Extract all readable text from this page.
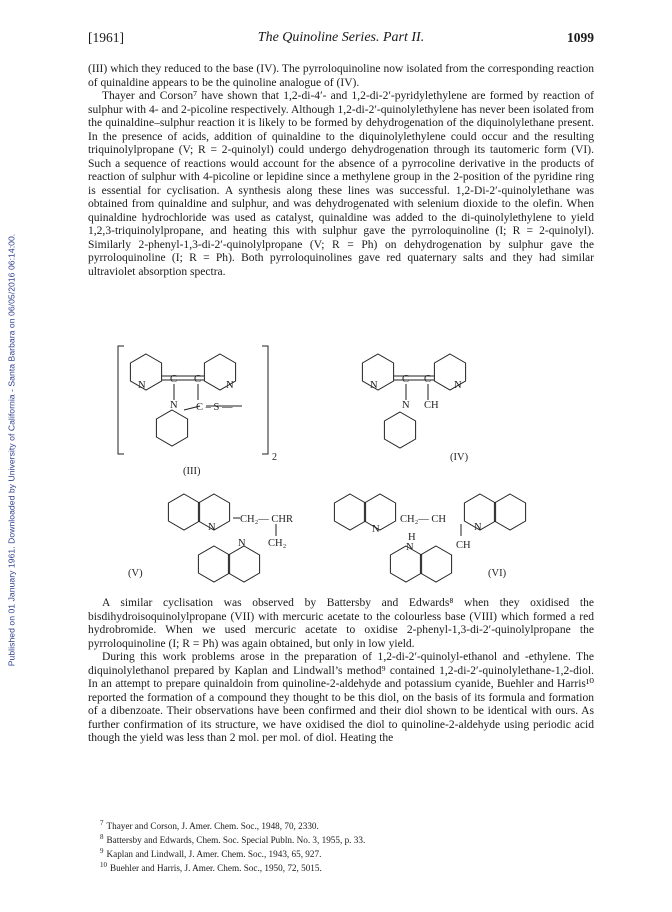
Published on 01 January 1961. Downloaded by University of California - Santa Barbara on 06/05/2016 06:14:00.
[1961]	The Quinoline Series. Part II.	1099

(III) which they reduced to the base (IV). The pyrroloquinoline now isolated from the corresponding reaction of quinaldine appears to be the quinoline analogue of (IV).

Thayer and Corson⁷ have shown that 1,2-di-4′- and 1,2-di-2′-pyridylethylene are formed by reaction of sulphur with 4- and 2-picoline respectively. Although 1,2-di-2′-quinolylethylene has never been isolated from the quinaldine–sulphur reaction it is likely to be formed by dehydrogenation of the diquinolylethane present. In the presence of acids, addition of quinaldine to the diquinolylethylene could occur and the resulting triquinolylpropane (V; R = 2-quinolyl) could undergo dehydrogenation through its tautomeric form (VI). Such a sequence of reactions would account for the absence of a pyrrocoline derivative in the products of reaction of sulphur with 4-picoline or lepidine since a methylene group in the 2-position of the pyridine ring is essential for cyclisation. A synthesis along these lines was successful. 1,2-Di-2′-quinolylethane was obtained from quinaldine and sulphur, and was dehydrogenated with selenium dioxide to the olefin. When quinaldine hydrochloride was used as catalyst, quinaldine was added to the di-quinolylethylene to yield 1,2,3-triquinolylpropane, and heating this with sulphur gave the pyrroloquinoline (I; R = 2-quinolyl). Similarly 2-phenyl-1,3-di-2′-quinolylpropane (V; R = Ph) on dehydrogenation by sulphur gave the pyrroloquinoline (I; R = Ph). Both pyrroloquinolines gave red quaternary salts and they had similar ultraviolet absorption spectra.

N
C C
N
N C – S —
2
(III)
N
C C
N
N CH
(IV)
N
CH₂— CHR
CH₂
N
(V)
N
CH₂— CH
N
H
N	CH
(VI)

A similar cyclisation was observed by Battersby and Edwards⁸ when they oxidised the bisdihydroisoquinolylpropane (VII) with mercuric acetate to the colourless base (VIII) which formed a red hydrobromide. When we used mercuric acetate to oxidise 2-phenyl-1,3-di-2′-quinolylpropane the pyrroloquinoline (I; R = Ph) was again obtained, but only in low yield.

During this work problems arose in the preparation of 1,2-di-2′-quinolyl-ethanol and -ethylene. The diquinolylethanol prepared by Kaplan and Lindwall’s method⁹ contained 1,2-di-2′-quinolylethane-1,2-diol. In an attempt to prepare quinaldoin from quinoline-2-aldehyde and potassium cyanide, Buehler and Harris¹⁰ reported the formation of a compound they thought to be this diol, on the basis of its formula and formation of a dibenzoate. Their observations have been confirmed and their diol shown to be identical with ours. As further confirmation of its structure, we have oxidised the diol to quinoline-2-aldehyde using periodic acid though the yield was less than 2 mol. per mol. of diol. Heating the

$^7$ Thayer and Corson, J. Amer. Chem. Soc., 1948, 70, 2330.
$^8$ Battersby and Edwards, Chem. Soc. Special Publn. No. 3, 1955, p. 33.
$^9$ Kaplan and Lindwall, J. Amer. Chem. Soc., 1943, 65, 927.
$^{10}$ Buehler and Harris, J. Amer. Chem. Soc., 1950, 72, 5015.
